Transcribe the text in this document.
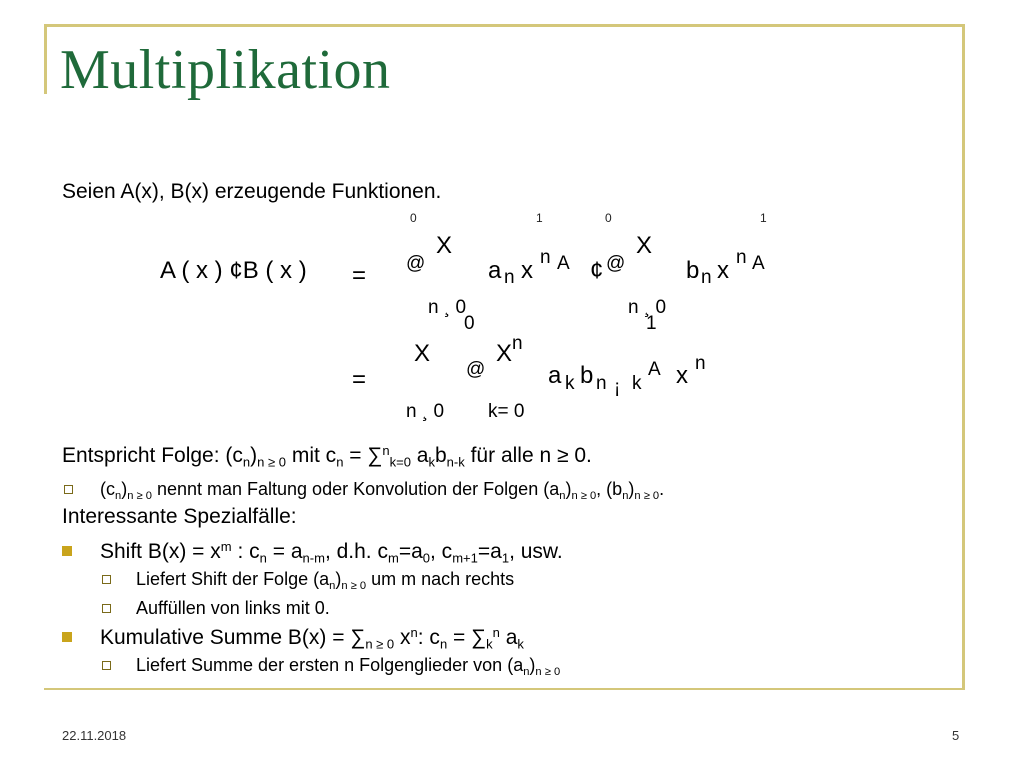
Multiplikation
Seien A(x), B(x) erzeugende Funktionen.
0	1	0	1
X	X
A ( x ) ¢B ( x ) = @	a n x n A ¢ @	b n x n A
n ¸ 0	n ¸ 0
0	1
X	X n
=	@	a k b n ¡ k
A x n
n ¸ 0 k= 0
Entspricht Folge: $(c_n)_{n \ge 0}$ mit $c_n = \sum^n_{k=0}$ $a_kb_{n-k}$ für alle n ≥ 0.
$(c_n)_{n \ge 0}$ nennt man Faltung oder Konvolution der Folgen $(a_n)_{n \ge 0}$, $(b_n)_{n \ge 0}$.
Interessante Spezialfälle:
Shift $B(x) = x^m$ : $c_n = a_{n-m}$, d.h. $c_m=a_0$, $c_{m+1}=a_1$, usw.
Liefert Shift der Folge $(a_n)_{n \ge 0}$ um m nach rechts
Auffüllen von links mit 0.
Kumulative Summe $B(x) = \sum_{n \ge 0}$ $x^n$: $c_n = \sum_k^n$ $a_k$
Liefert Summe der ersten n Folgenglieder von $(a_n)_{n \ge 0}$
22.11.2018	5
